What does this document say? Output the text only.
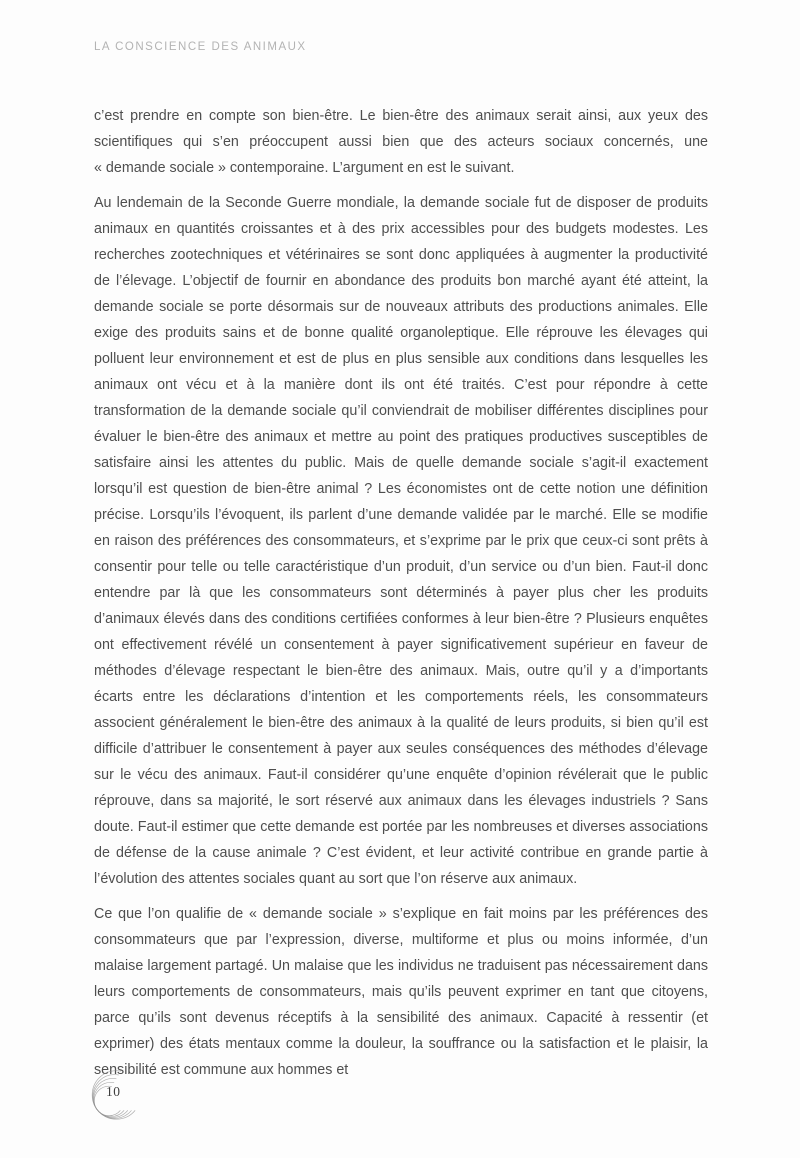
LA CONSCIENCE DES ANIMAUX

c’est prendre en compte son bien-être. Le bien-être des animaux serait ainsi, aux yeux des scientifiques qui s’en préoccupent aussi bien que des acteurs sociaux concernés, une « demande sociale » contemporaine. L’argument en est le suivant.

Au lendemain de la Seconde Guerre mondiale, la demande sociale fut de disposer de produits animaux en quantités croissantes et à des prix accessibles pour des budgets modestes. Les recherches zootechniques et vétérinaires se sont donc appliquées à augmenter la productivité de l’élevage. L’objectif de fournir en abondance des produits bon marché ayant été atteint, la demande sociale se porte désormais sur de nouveaux attributs des productions animales. Elle exige des produits sains et de bonne qualité organoleptique. Elle réprouve les élevages qui polluent leur environnement et est de plus en plus sensible aux conditions dans lesquelles les animaux ont vécu et à la manière dont ils ont été traités. C’est pour répondre à cette transformation de la demande sociale qu’il conviendrait de mobiliser différentes disciplines pour évaluer le bien-être des animaux et mettre au point des pratiques productives susceptibles de satisfaire ainsi les attentes du public. Mais de quelle demande sociale s’agit-il exactement lorsqu’il est question de bien-être animal ? Les économistes ont de cette notion une définition précise. Lorsqu’ils l’évoquent, ils parlent d’une demande validée par le marché. Elle se modifie en raison des préférences des consommateurs, et s’exprime par le prix que ceux-ci sont prêts à consentir pour telle ou telle caractéristique d’un produit, d’un service ou d’un bien. Faut-il donc entendre par là que les consommateurs sont déterminés à payer plus cher les produits d’animaux élevés dans des conditions certifiées conformes à leur bien-être ? Plusieurs enquêtes ont effectivement révélé un consentement à payer significativement supérieur en faveur de méthodes d’élevage respectant le bien-être des animaux. Mais, outre qu’il y a d’importants écarts entre les déclarations d’intention et les comportements réels, les consommateurs associent généralement le bien-être des animaux à la qualité de leurs produits, si bien qu’il est difficile d’attribuer le consentement à payer aux seules conséquences des méthodes d’élevage sur le vécu des animaux. Faut-il considérer qu’une enquête d’opinion révélerait que le public réprouve, dans sa majorité, le sort réservé aux animaux dans les élevages industriels ? Sans doute. Faut-il estimer que cette demande est portée par les nombreuses et diverses associations de défense de la cause animale ? C’est évident, et leur activité contribue en grande partie à l’évolution des attentes sociales quant au sort que l’on réserve aux animaux.

Ce que l’on qualifie de « demande sociale » s’explique en fait moins par les préférences des consommateurs que par l’expression, diverse, multiforme et plus ou moins informée, d’un malaise largement partagé. Un malaise que les individus ne traduisent pas nécessairement dans leurs comportements de consommateurs, mais qu’ils peuvent exprimer en tant que citoyens, parce qu’ils sont devenus réceptifs à la sensibilité des animaux. Capacité à ressentir (et exprimer) des états mentaux comme la douleur, la souffrance ou la satisfaction et le plaisir, la sensibilité est commune aux hommes et

10
